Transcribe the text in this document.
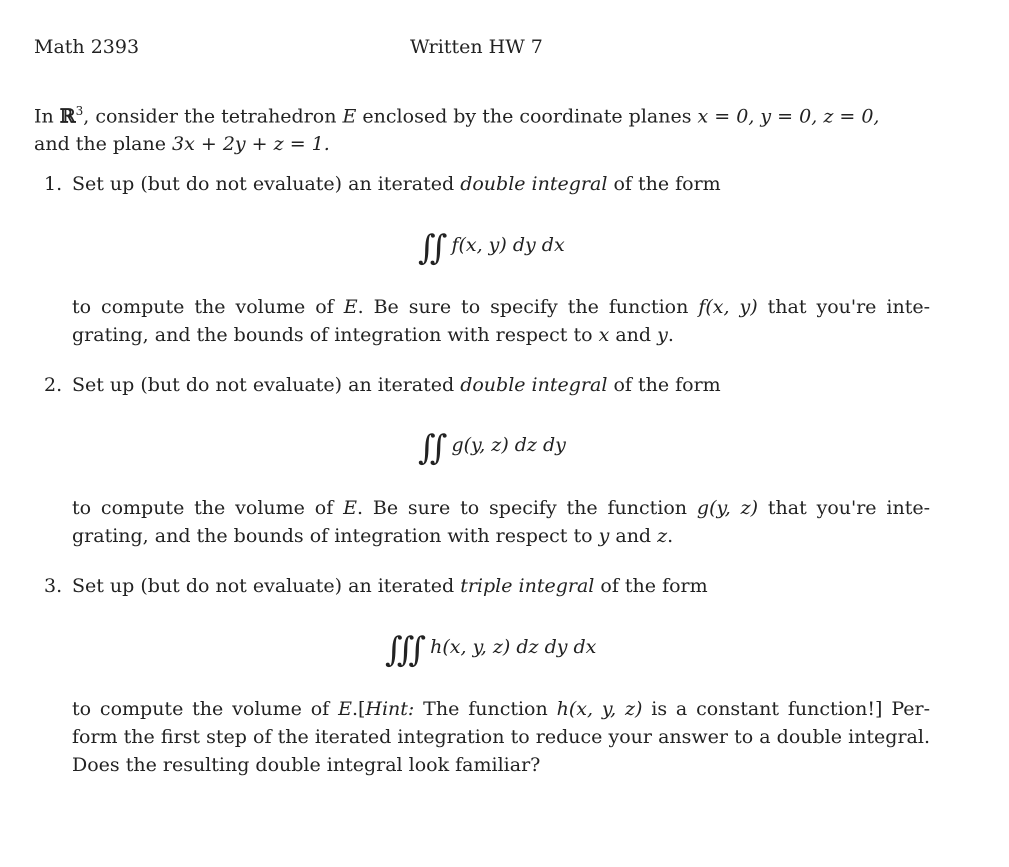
Math 2393	Written HW 7
In ℝ$^3$, consider the tetrahedron E enclosed by the coordinate planes x = 0, y = 0, z = 0,
and the plane 3x + 2y + z = 1.
1. Set up (but do not evaluate) an iterated double integral of the form
∫∫ f(x, y) dy dx
to compute the volume of E. Be sure to specify the function f(x, y) that you're inte-grating, and the bounds of integration with respect to x and y.
2. Set up (but do not evaluate) an iterated double integral of the form
∫∫ g(y, z) dz dy
to compute the volume of E. Be sure to specify the function g(y, z) that you're inte-grating, and the bounds of integration with respect to y and z.
3. Set up (but do not evaluate) an iterated triple integral of the form
∫∫∫ h(x, y, z) dz dy dx
to compute the volume of E.[Hint: The function h(x, y, z) is a constant function!] Per-form the first step of the iterated integration to reduce your answer to a double integral. Does the resulting double integral look familiar?
